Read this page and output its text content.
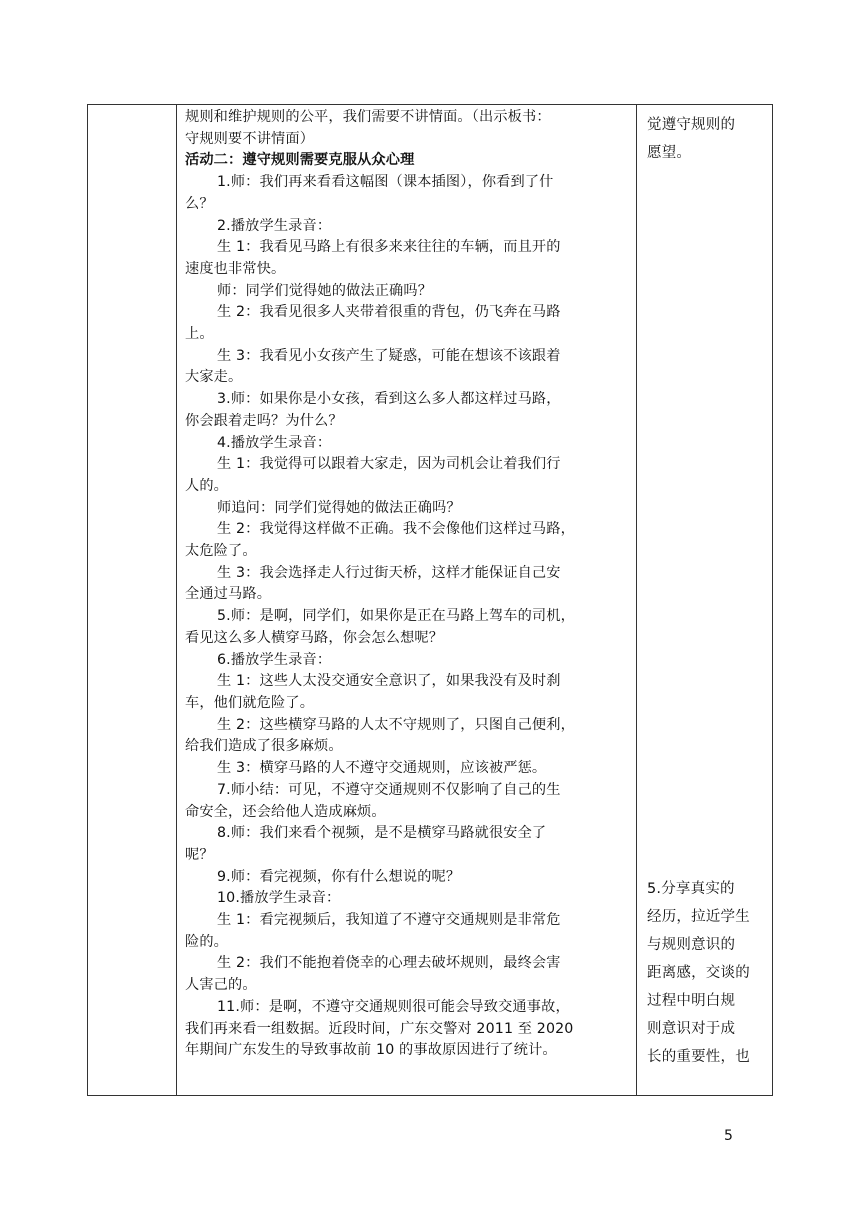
规则和维护规则的公平，我们需要不讲情面。（出示板书：
守规则要不讲情面）
活动二：遵守规则需要克服从众心理
1.师：我们再来看看这幅图（课本插图），你看到了什
么？
2.播放学生录音：
生 1：我看见马路上有很多来来往往的车辆，而且开的
速度也非常快。
师：同学们觉得她的做法正确吗？
生 2：我看见很多人夹带着很重的背包，仍飞奔在马路
上。
生 3：我看见小女孩产生了疑惑，可能在想该不该跟着
大家走。
3.师：如果你是小女孩，看到这么多人都这样过马路，
你会跟着走吗？为什么？
4.播放学生录音：
生 1：我觉得可以跟着大家走，因为司机会让着我们行
人的。
师追问：同学们觉得她的做法正确吗？
生 2：我觉得这样做不正确。我不会像他们这样过马路，
太危险了。
生 3：我会选择走人行过街天桥，这样才能保证自己安
全通过马路。
5.师：是啊，同学们，如果你是正在马路上驾车的司机，
看见这么多人横穿马路，你会怎么想呢？
6.播放学生录音：
生 1：这些人太没交通安全意识了，如果我没有及时刹
车，他们就危险了。
生 2：这些横穿马路的人太不守规则了，只图自己便利，
给我们造成了很多麻烦。
生 3：横穿马路的人不遵守交通规则，应该被严惩。
7.师小结：可见，不遵守交通规则不仅影响了自己的生
命安全，还会给他人造成麻烦。
8.师：我们来看个视频，是不是横穿马路就很安全了
呢？
9.师：看完视频，你有什么想说的呢？
10.播放学生录音：
生 1：看完视频后，我知道了不遵守交通规则是非常危
险的。
生 2：我们不能抱着侥幸的心理去破坏规则，最终会害
人害己的。
11.师：是啊，不遵守交通规则很可能会导致交通事故，
我们再来看一组数据。近段时间，广东交警对 2011 至 2020
年期间广东发生的导致事故前 10 的事故原因进行了统计。
觉遵守规则的
愿望。
5.分享真实的
经历，拉近学生
与规则意识的
距离感，交谈的
过程中明白规
则意识对于成
长的重要性，也
5
